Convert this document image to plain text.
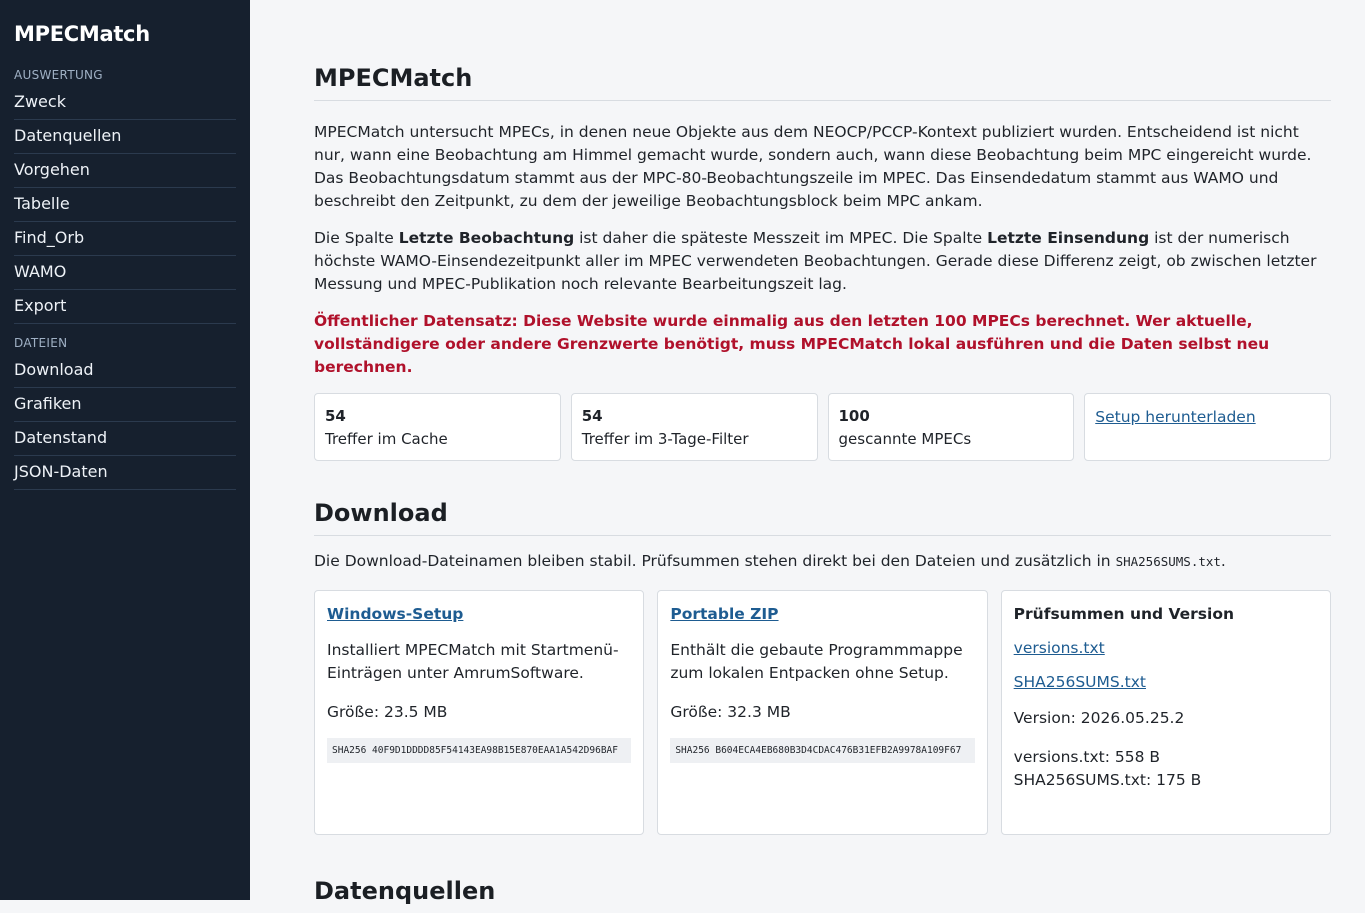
MPECMatch
AUSWERTUNG
Zweck
Datenquellen
Vorgehen
Tabelle
Find_Orb
WAMO
Export
DATEIEN
Download
Grafiken
Datenstand
JSON-Daten
MPECMatch

MPECMatch untersucht MPECs, in denen neue Objekte aus dem NEOCP/PCCP-Kontext publiziert wurden. Entscheidend ist nicht nur, wann eine Beobachtung am Himmel gemacht wurde, sondern auch, wann diese Beobachtung beim MPC eingereicht wurde. Das Beobachtungsdatum stammt aus der MPC-80-Beobachtungszeile im MPEC. Das Einsendedatum stammt aus WAMO und beschreibt den Zeitpunkt, zu dem der jeweilige Beobachtungsblock beim MPC ankam.

Die Spalte Letzte Beobachtung ist daher die späteste Messzeit im MPEC. Die Spalte Letzte Einsendung ist der numerisch höchste WAMO-Einsendezeitpunkt aller im MPEC verwendeten Beobachtungen. Gerade diese Differenz zeigt, ob zwischen letzter Messung und MPEC-Publikation noch relevante Bearbeitungszeit lag.

Öffentlicher Datensatz: Diese Website wurde einmalig aus den letzten 100 MPECs berechnet. Wer aktuelle, vollständigere oder andere Grenzwerte benötigt, muss MPECMatch lokal ausführen und die Daten selbst neu berechnen.

54
Treffer im Cache
54
Treffer im 3-Tage-Filter
100
gescannte MPECs
Setup herunterladen
Download

Die Download-Dateinamen bleiben stabil. Prüfsummen stehen direkt bei den Dateien und zusätzlich in SHA256SUMS.txt.

Windows-Setup

Installiert MPECMatch mit Startmenü-Einträgen unter AmrumSoftware.

Größe: 23.5 MB

SHA256 40F9D1DDDD85F54143EA98B15E870EAA1A542D96BAF
Portable ZIP

Enthält die gebaute Programmmappe zum lokalen Entpacken ohne Setup.

Größe: 32.3 MB

SHA256 B604ECA4EB680B3D4CDAC476B31EFB2A9978A109F67
Prüfsummen und Version
versions.txt
SHA256SUMS.txt

Version: 2026.05.25.2

versions.txt: 558 B
SHA256SUMS.txt: 175 B

Datenquellen
